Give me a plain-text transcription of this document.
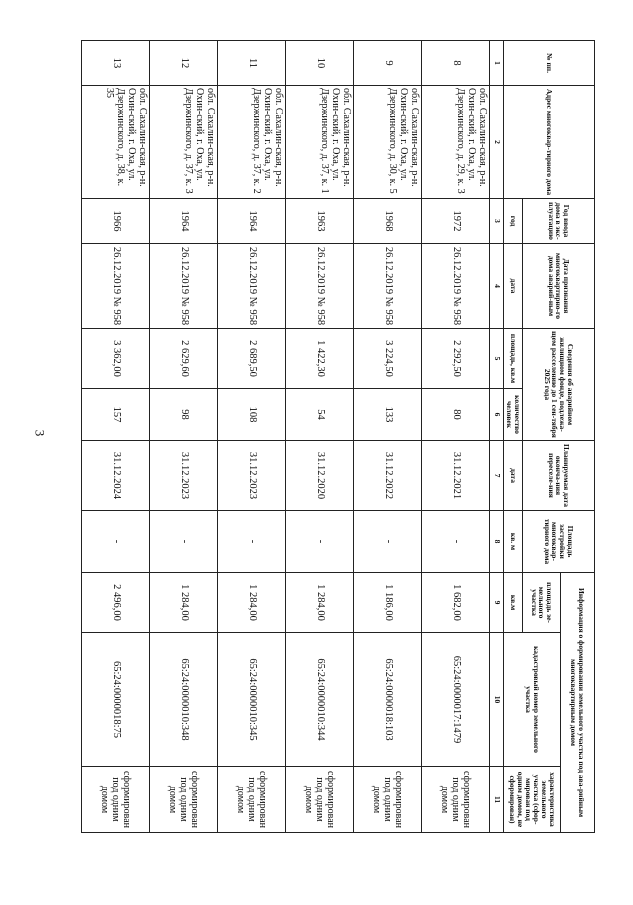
3
№ пп.	Адрес многоквар-тирного дома	Год ввода дома в экс-плуатацию	Дата признания многоквартирно-го дома аварий-ным	Сведения об аварийном жилищном фонде, подлежа-щем расселению до 1 сен-тября 2025 года		Планируемая дата оконча-ния переселе-ния	Площадь застройки многоквар-тирного дома	Информация о формировании земельного участка под ава-рийным многоквартирным домом		
								площадь зе-мельного участка	кадастровый номер земельного участка	характеристика земельного участка (сфор-мирован под одним домом, не сформирован)
		год	дата	площадь, кв.м	количество человек	дата	кв. м	кв.м		
1	2	3	4	5	6	7	8	9	10	11
8	обл. Сахалин-ская, р-н. Охин-ский, г. Оха, ул. Дзержинского, д. 29, к. 3	1972	26.12.2019 № 958	2 292,50	80	31.12.2021	-	1 682,00	65:24:0000017:1479	сформирован под одним домом
9	обл. Сахалин-ская, р-н. Охин-ский, г. Оха, ул. Дзержинского, д. 30, к. 5	1968	26.12.2019 № 958	3 224,50	133	31.12.2022	-	1 186,00	65:24:0000018:103	сформирован под одним домом
10	обл. Сахалин-ская, р-н. Охин-ский, г. Оха, ул. Дзержинского, д. 37, к. 1	1963	26.12.2019 № 958	1 422,30	54	31.12.2020	-	1 284,00	65:24:0000010:344	сформирован под одним домом
11	обл. Сахалин-ская, р-н. Охин-ский, г. Оха, ул. Дзержинского, д. 37, к. 2	1964	26.12.2019 № 958	2 689,50	108	31.12.2023	-	1 284,00	65:24:0000010:345	сформирован под одним домом
12	обл. Сахалин-ская, р-н. Охин-ский, г. Оха, ул. Дзержинского, д. 37, к. 3	1964	26.12.2019 № 958	2 629,60	98	31.12.2023	-	1 284,00	65:24:0000010:348	сформирован под одним домом
13	обл. Сахалин-ская, р-н. Охин-ский, г. Оха, ул. Дзержинского, д. 38, к. 35	1966	26.12.2019 № 958	3 362,00	157	31.12.2024	-	2 496,00	65:24:0000018:75	сформирован под одним домом
